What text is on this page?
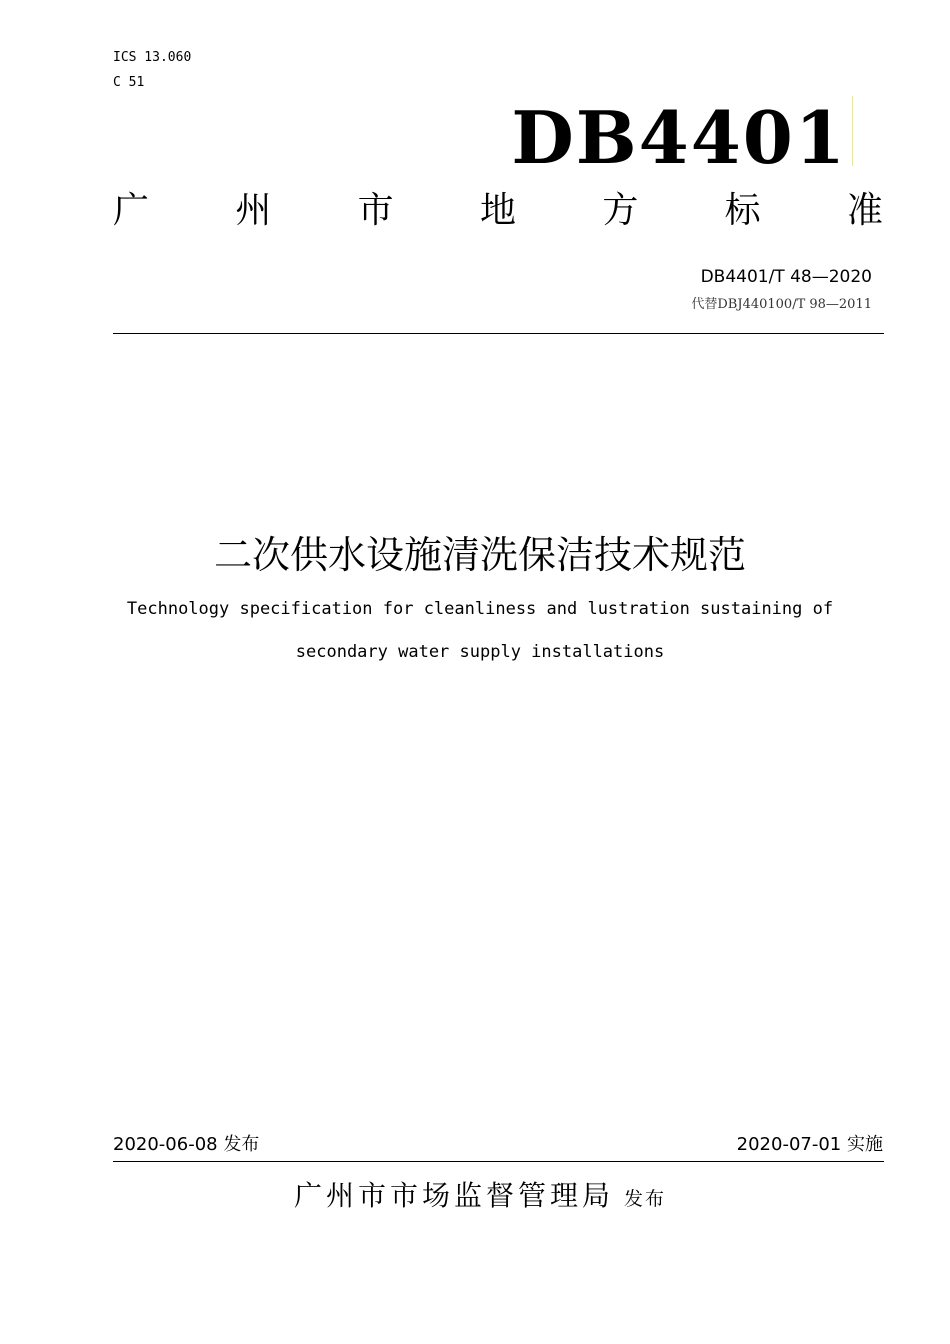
ICS 13.060
C 51
DB4401
广 州 市 地 方 标 准
DB4401/T 48—2020
代替DBJ440100/T 98—2011
二次供水设施清洗保洁技术规范
Technology specification for cleanliness and lustration sustaining of
secondary water supply installations
2020-06-08 发布	2020-07-01 实施
广州市市场监督管理局 发布
